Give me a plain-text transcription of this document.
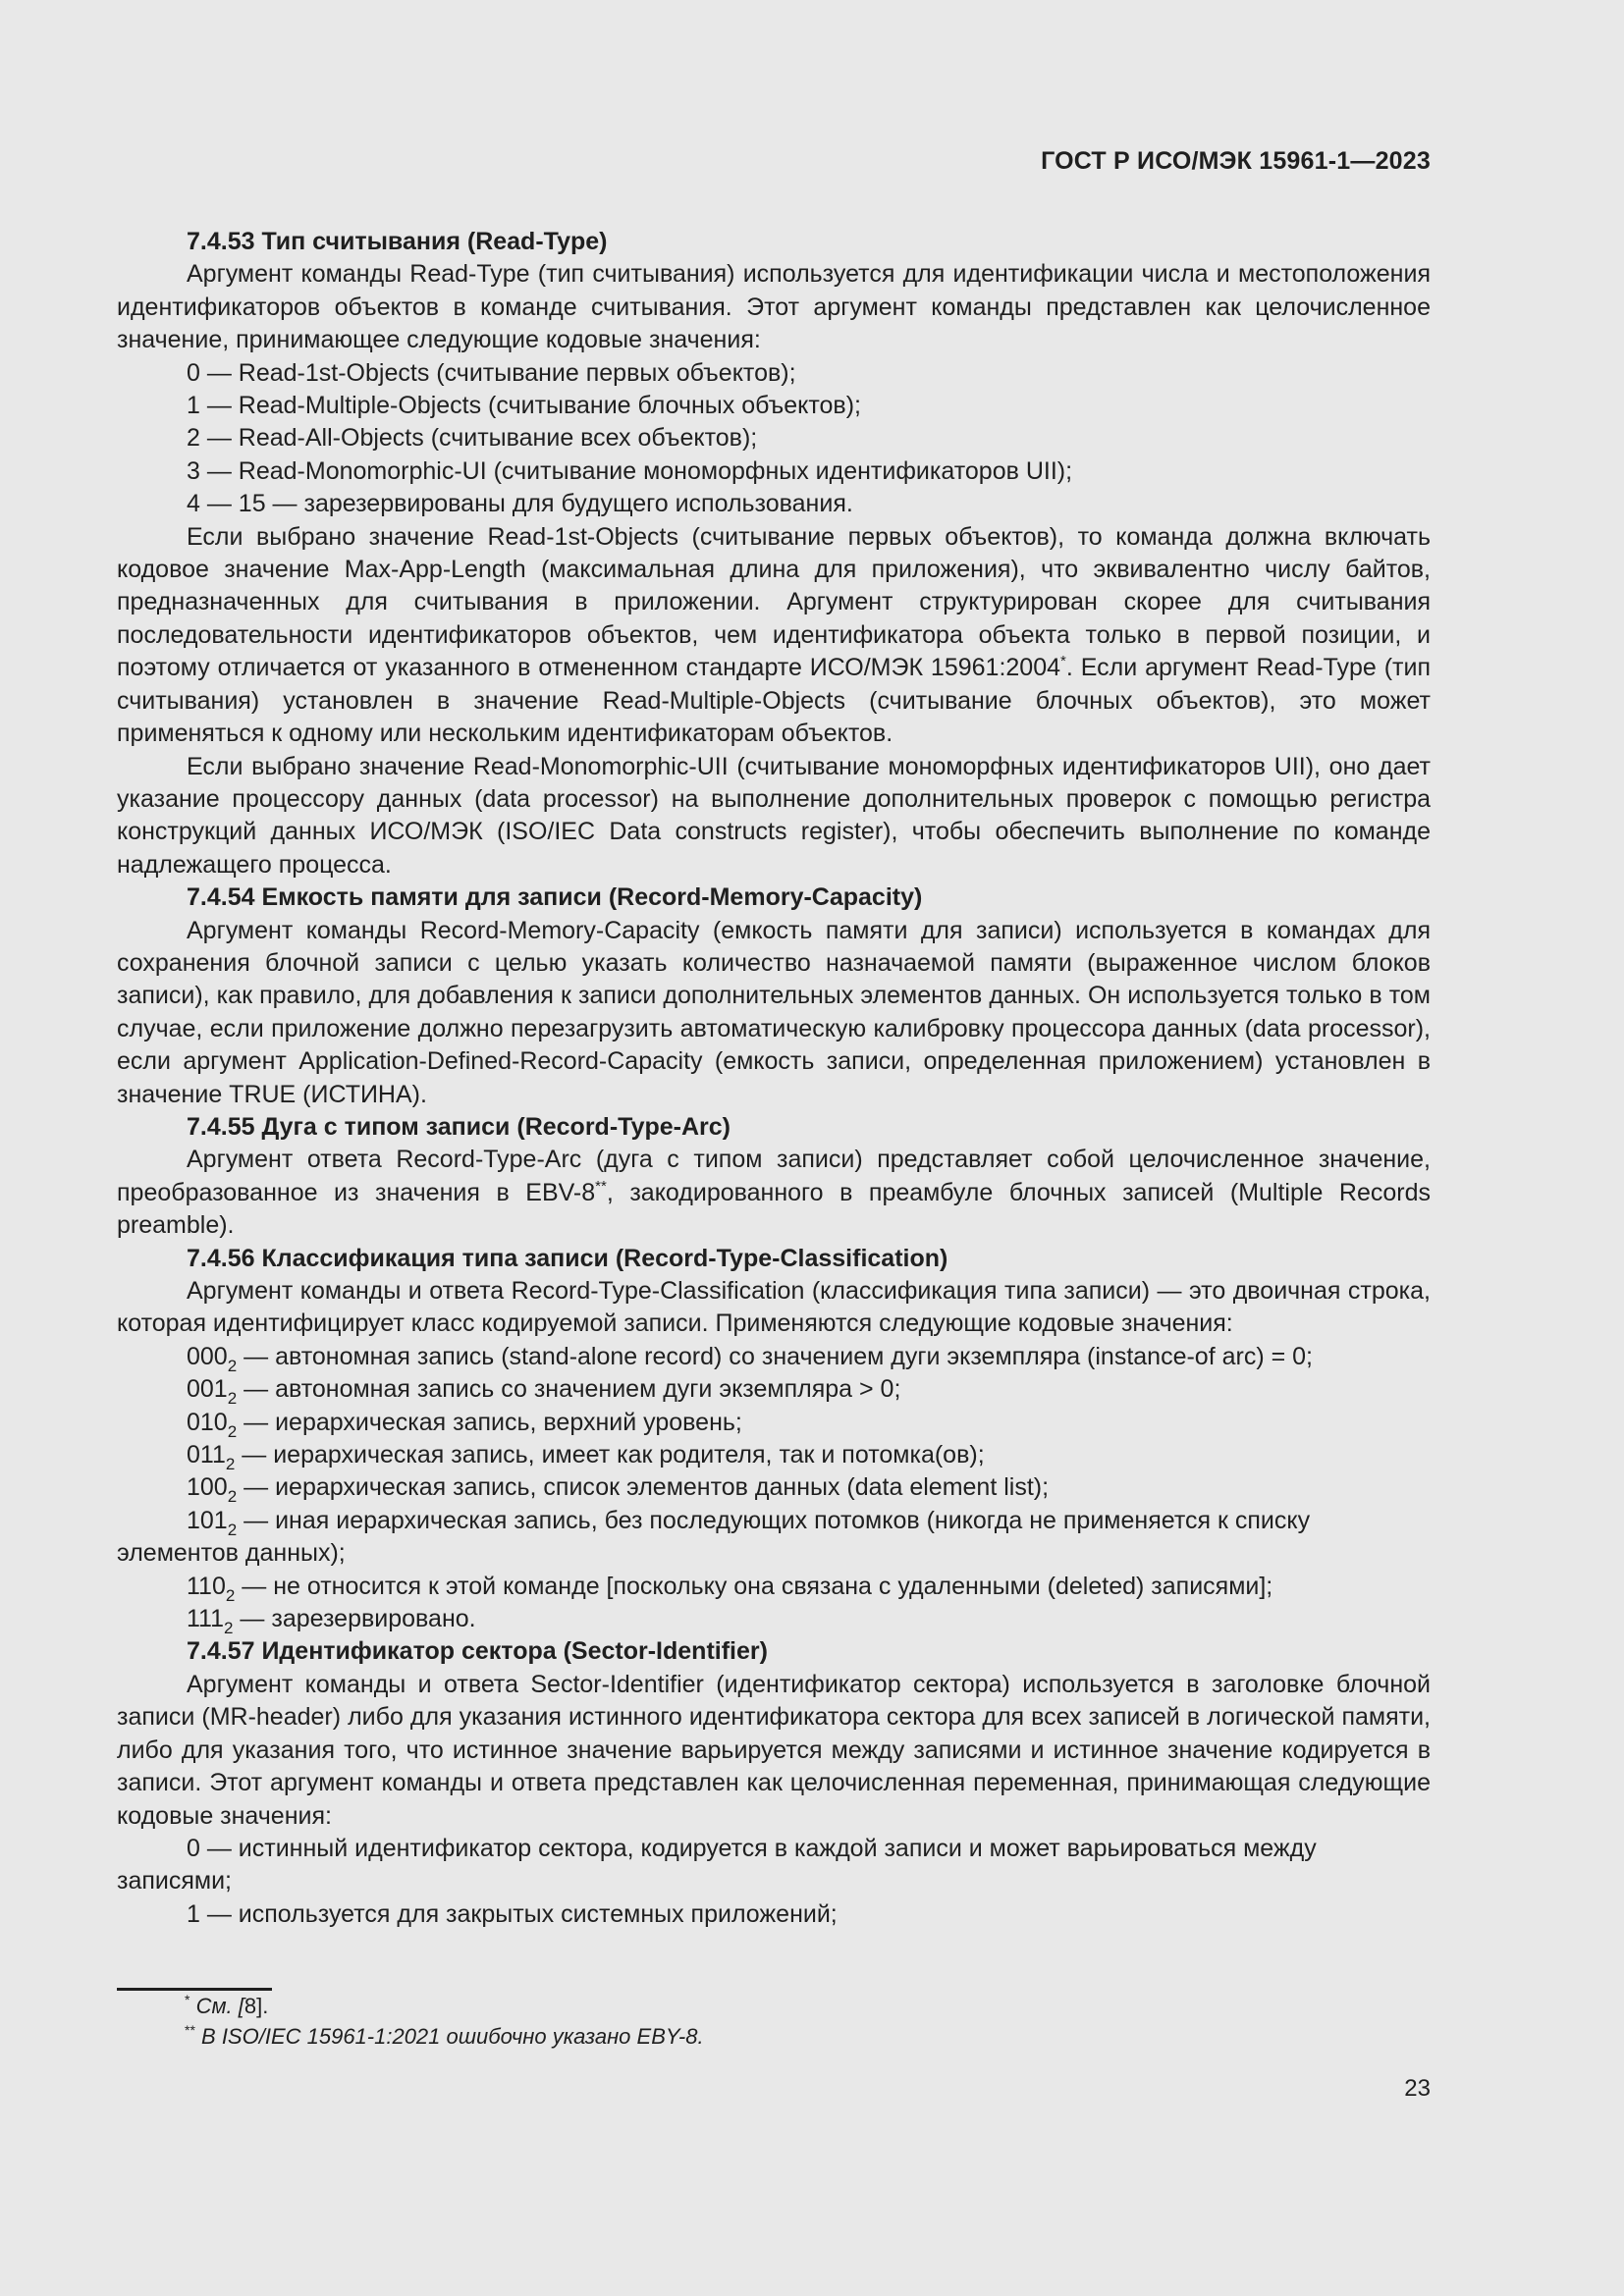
ГОСТ Р ИСО/МЭК 15961-1—2023

7.4.53 Тип считывания (Read-Type)

Аргумент команды Read-Type (тип считывания) используется для идентификации числа и местоположения идентификаторов объектов в команде считывания. Этот аргумент команды представлен как целочисленное значение, принимающее следующие кодовые значения:

0 — Read-1st-Objects (считывание первых объектов);

1 — Read-Multiple-Objects (считывание блочных объектов);

2 — Read-All-Objects (считывание всех объектов);

3 — Read-Monomorphic-UI (считывание мономорфных идентификаторов UII);

4 — 15 — зарезервированы для будущего использования.

Если выбрано значение Read-1st-Objects (считывание первых объектов), то команда должна включать кодовое значение Max-App-Length (максимальная длина для приложения), что эквивалентно числу байтов, предназначенных для считывания в приложении. Аргумент структурирован скорее для считывания последовательности идентификаторов объектов, чем идентификатора объекта только в первой позиции, и поэтому отличается от указанного в отмененном стандарте ИСО/МЭК 15961:2004*. Если аргумент Read-Type (тип считывания) установлен в значение Read-Multiple-Objects (считывание блочных объектов), это может применяться к одному или нескольким идентификаторам объектов.

Если выбрано значение Read-Monomorphic-UII (считывание мономорфных идентификаторов UII), оно дает указание процессору данных (data processor) на выполнение дополнительных проверок с помощью регистра конструкций данных ИСО/МЭК (ISO/IEC Data constructs register), чтобы обеспечить выполнение по команде надлежащего процесса.

7.4.54 Емкость памяти для записи (Record-Memory-Capacity)

Аргумент команды Record-Memory-Capacity (емкость памяти для записи) используется в командах для сохранения блочной записи с целью указать количество назначаемой памяти (выраженное числом блоков записи), как правило, для добавления к записи дополнительных элементов данных. Он используется только в том случае, если приложение должно перезагрузить автоматическую калибровку процессора данных (data processor), если аргумент Application-Defined-Record-Capacity (емкость записи, определенная приложением) установлен в значение TRUE (ИСТИНА).

7.4.55 Дуга с типом записи (Record-Type-Arc)

Аргумент ответа Record-Type-Arc (дуга с типом записи) представляет собой целочисленное значение, преобразованное из значения в EBV-8**, закодированного в преамбуле блочных записей (Multiple Records preamble).

7.4.56 Классификация типа записи (Record-Type-Classification)

Аргумент команды и ответа Record-Type-Classification (классификация типа записи) — это двоичная строка, которая идентифицирует класс кодируемой записи. Применяются следующие кодовые значения:

$000_2$ — автономная запись (stand-alone record) со значением дуги экземпляра (instance-of arc) = 0;

$001_2$ — автономная запись со значением дуги экземпляра > 0;

$010_2$ — иерархическая запись, верхний уровень;

$011_2$ — иерархическая запись, имеет как родителя, так и потомка(ов);

$100_2$ — иерархическая запись, список элементов данных (data element list);

$101_2$ — иная иерархическая запись, без последующих потомков (никогда не применяется к списку элементов данных);

$110_2$ — не относится к этой команде [поскольку она связана с удаленными (deleted) записями];

$111_2$ — зарезервировано.

7.4.57 Идентификатор сектора (Sector-Identifier)

Аргумент команды и ответа Sector-Identifier (идентификатор сектора) используется в заголовке блочной записи (MR-header) либо для указания истинного идентификатора сектора для всех записей в логической памяти, либо для указания того, что истинное значение варьируется между записями и истинное значение кодируется в записи. Этот аргумент команды и ответа представлен как целочисленная переменная, принимающая следующие кодовые значения:

0 — истинный идентификатор сектора, кодируется в каждой записи и может варьироваться между записями;

1 — используется для закрытых системных приложений;

* См. [8].

** В ISO/IEC 15961-1:2021 ошибочно указано EBY-8.

23
